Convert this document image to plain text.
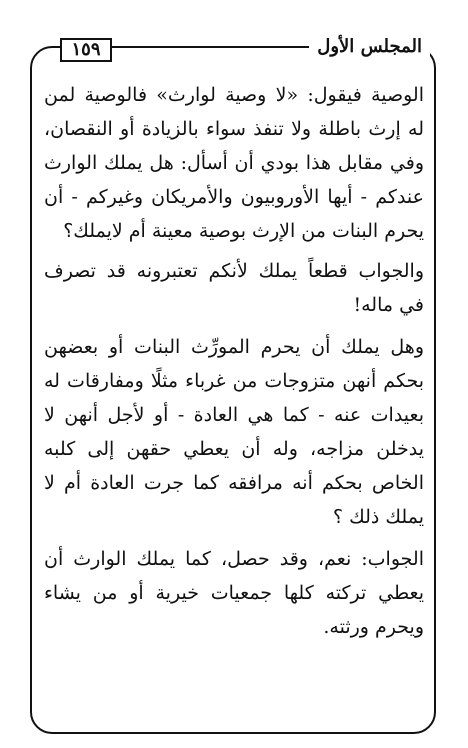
١٥٩	المجلس الأول

الوصية فيقول: «لا وصية لوارث» فالوصية لمن له إرث باطلة ولا تنفذ سواء بالزيادة أو النقصان، وفي مقابل هذا بودي أن أسأل: هل يملك الوارث عندكم - أيها الأوروبيون والأمريكان وغيركم - أن يحرم البنات من الإرث بوصية معينة أم لايملك؟

والجواب قطعاً يملك لأنكم تعتبرونه قد تصرف في ماله!

وهل يملك أن يحرم المورِّث البنات أو بعضهن بحكم أنهن متزوجات من غرباء مثلًا ومفارقات له بعيدات عنه - كما هي العادة - أو لأجل أنهن لا يدخلن مزاجه، وله أن يعطي حقهن إلى كلبه الخاص بحكم أنه مرافقه كما جرت العادة أم لا يملك ذلك ؟

الجواب: نعم، وقد حصل، كما يملك الوارث أن يعطي تركته كلها جمعيات خيرية أو من يشاء ويحرم ورثته.
